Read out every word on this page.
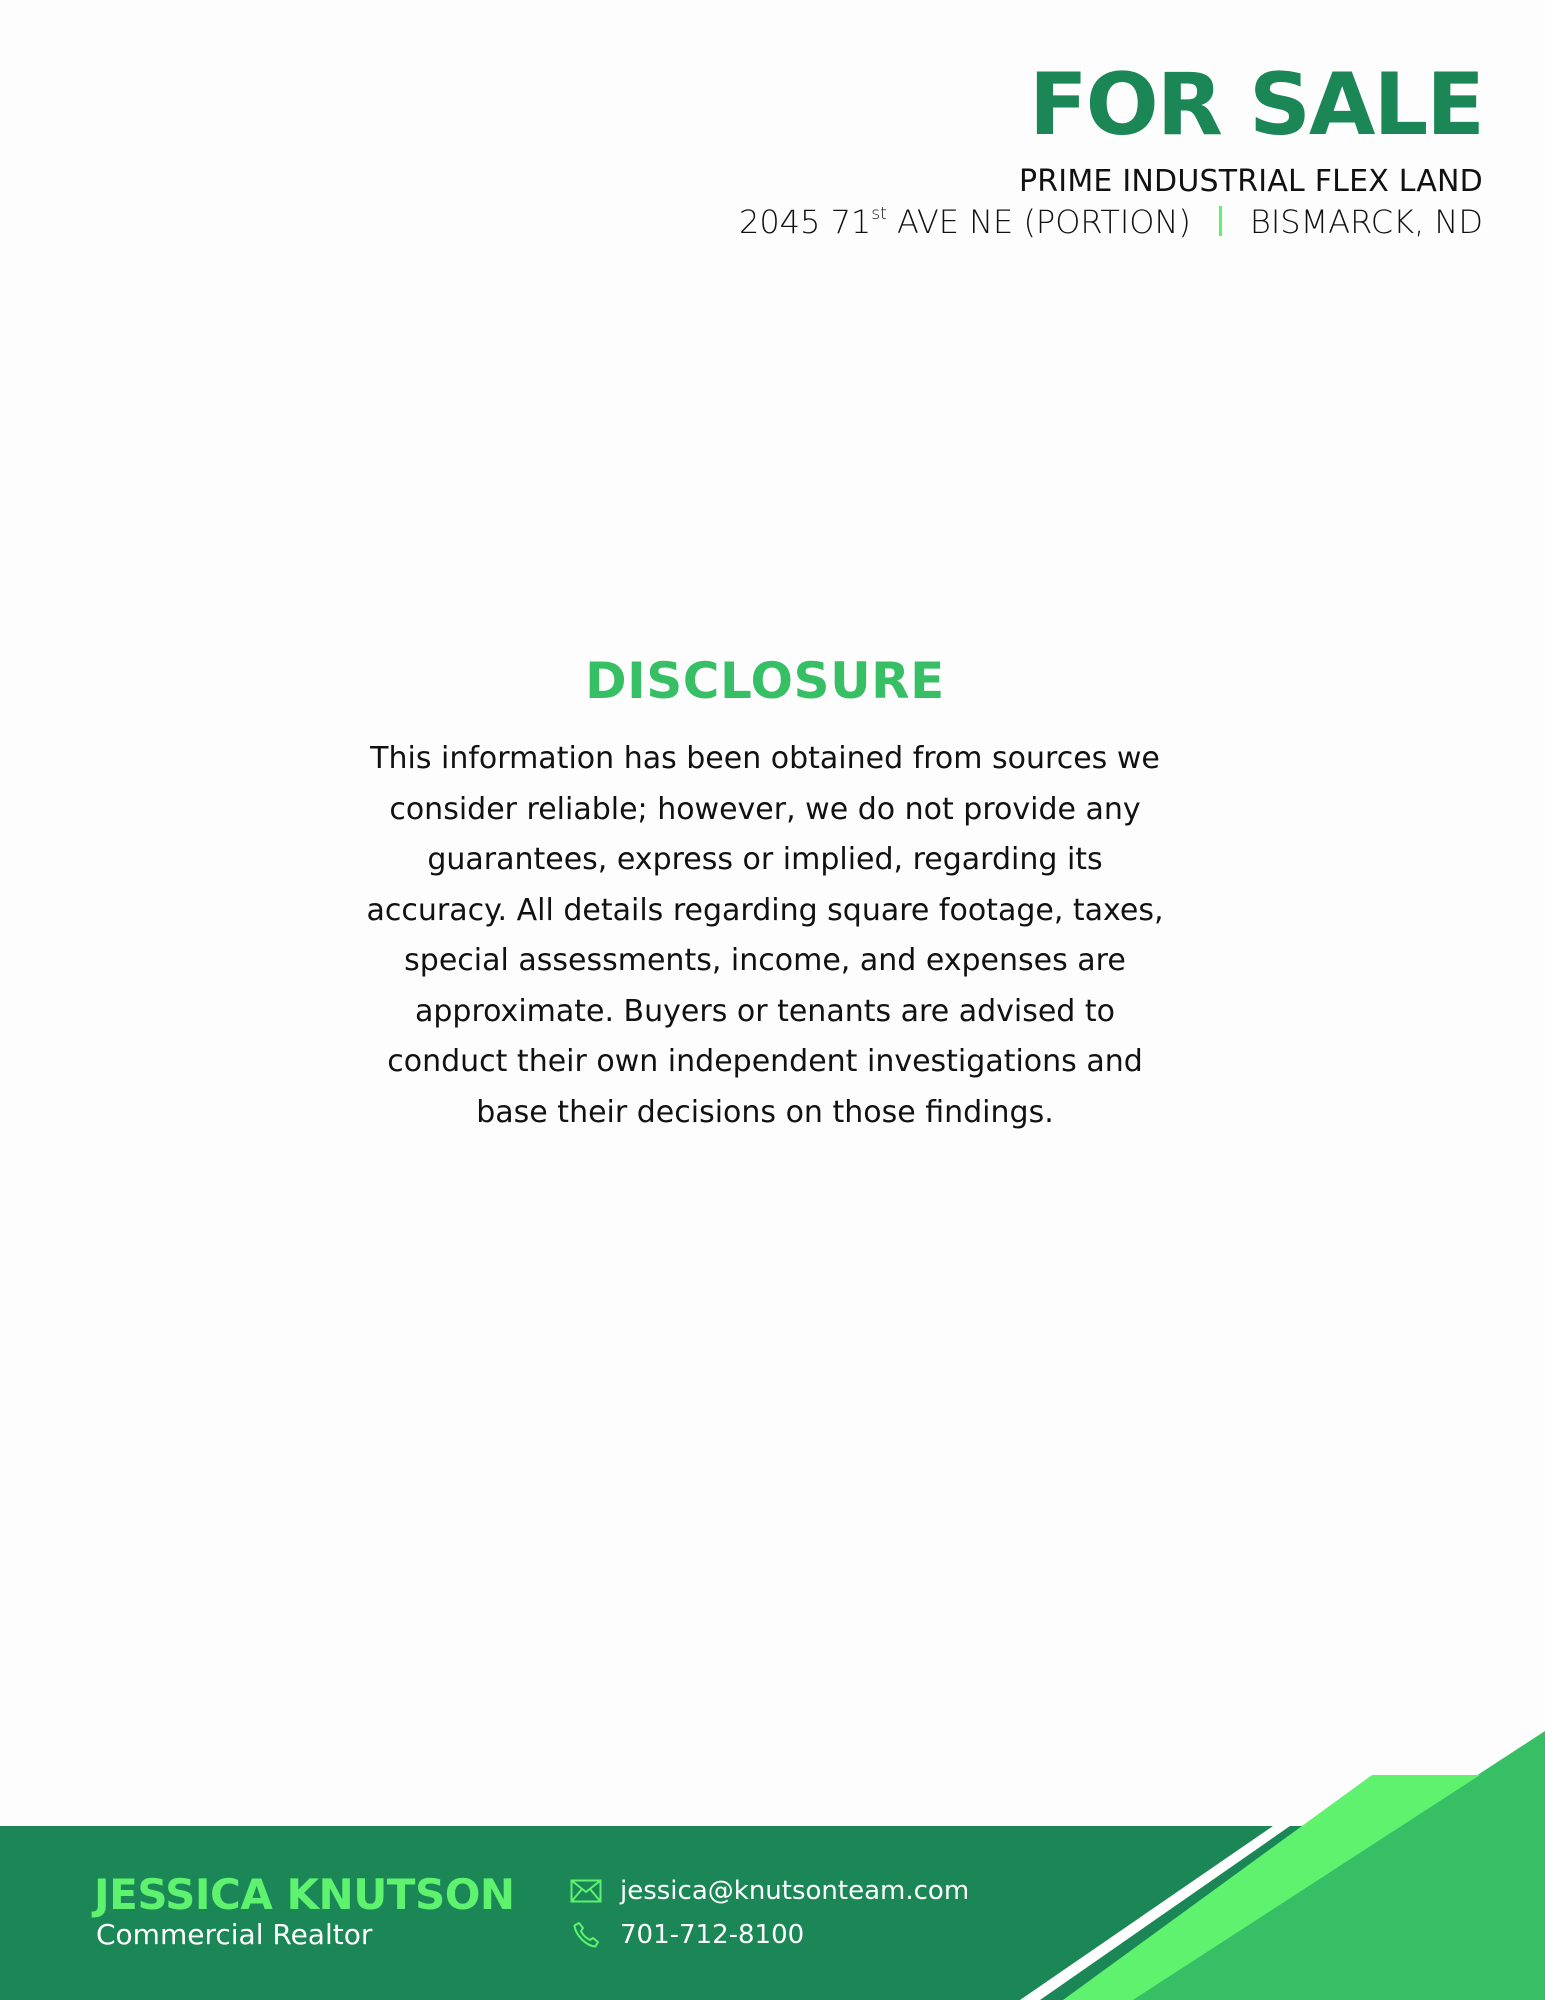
FOR SALE
PRIME INDUSTRIAL FLEX LAND
2045 71st AVE NE (PORTION) BISMARCK, ND
DISCLOSURE

This information has been obtained from sources we consider reliable; however, we do not provide any guarantees, express or implied, regarding its accuracy. All details regarding square footage, taxes, special assessments, income, and expenses are approximate. Buyers or tenants are advised to conduct their own independent investigations and base their decisions on those findings.

JESSICA KNUTSON
Commercial Realtor
jessica@knutsonteam.com
701-712-8100
